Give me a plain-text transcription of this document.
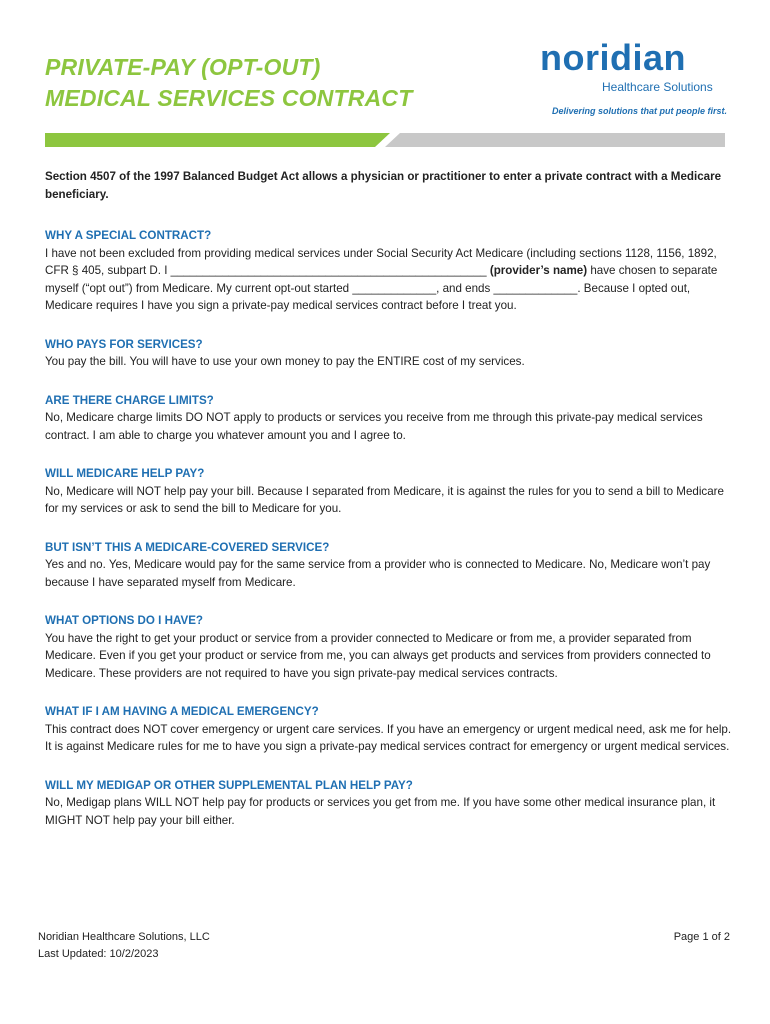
PRIVATE-PAY (OPT-OUT)
MEDICAL SERVICES CONTRACT
noridian
Healthcare Solutions
Delivering solutions that put people first.

Section 4507 of the 1997 Balanced Budget Act allows a physician or practitioner to enter a private contract with a Medicare beneficiary.

WHY A SPECIAL CONTRACT?

I have not been excluded from providing medical services under Social Security Act Medicare (including sections 1128, 1156, 1892, CFR § 405, subpart D. I _________________________________________________ (provider’s name) have chosen to separate myself (“opt out”) from Medicare. My current opt-out started _____________, and ends _____________. Because I opted out, Medicare requires I have you sign a private-pay medical services contract before I treat you.

WHO PAYS FOR SERVICES?

You pay the bill. You will have to use your own money to pay the ENTIRE cost of my services.

ARE THERE CHARGE LIMITS?

No, Medicare charge limits DO NOT apply to products or services you receive from me through this private-pay medical services contract. I am able to charge you whatever amount you and I agree to.

WILL MEDICARE HELP PAY?

No, Medicare will NOT help pay your bill. Because I separated from Medicare, it is against the rules for you to send a bill to Medicare for my services or ask to send the bill to Medicare for you.

BUT ISN’T THIS A MEDICARE-COVERED SERVICE?

Yes and no. Yes, Medicare would pay for the same service from a provider who is connected to Medicare. No, Medicare won’t pay because I have separated myself from Medicare.

WHAT OPTIONS DO I HAVE?

You have the right to get your product or service from a provider connected to Medicare or from me, a provider separated from Medicare. Even if you get your product or service from me, you can always get products and services from providers connected to Medicare. These providers are not required to have you sign private-pay medical services contracts.

WHAT IF I AM HAVING A MEDICAL EMERGENCY?

This contract does NOT cover emergency or urgent care services. If you have an emergency or urgent medical need, ask me for help. It is against Medicare rules for me to have you sign a private-pay medical services contract for emergency or urgent medical services.

WILL MY MEDIGAP OR OTHER SUPPLEMENTAL PLAN HELP PAY?

No, Medigap plans WILL NOT help pay for products or services you get from me. If you have some other medical insurance plan, it MIGHT NOT help pay your bill either.

Noridian Healthcare Solutions, LLC
Last Updated: 10/2/2023
Page 1 of 2
